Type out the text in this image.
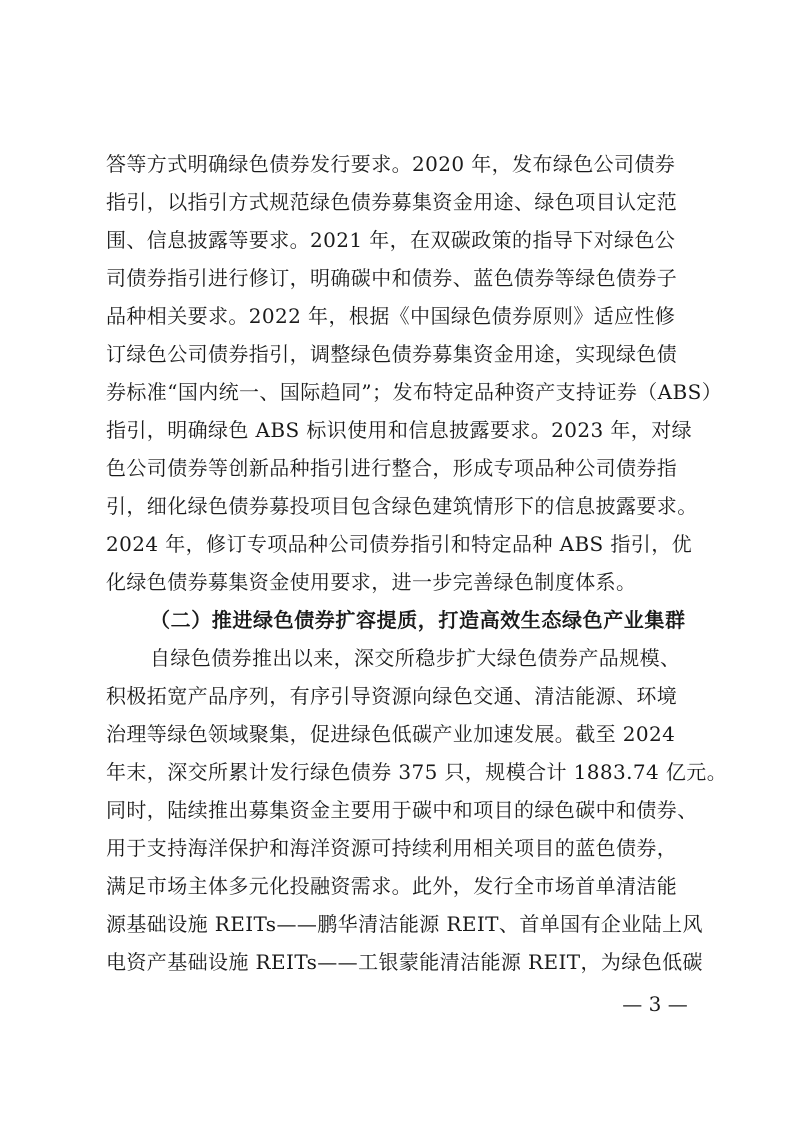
答等方式明确绿色债券发行要求。2020 年，发布绿色公司债券
指引，以指引方式规范绿色债券募集资金用途、绿色项目认定范
围、信息披露等要求。2021 年，在双碳政策的指导下对绿色公
司债券指引进行修订，明确碳中和债券、蓝色债券等绿色债券子
品种相关要求。2022 年，根据《中国绿色债券原则》适应性修
订绿色公司债券指引，调整绿色债券募集资金用途，实现绿色债
券标准“国内统一、国际趋同”；发布特定品种资产支持证券（ABS）
指引，明确绿色 ABS 标识使用和信息披露要求。2023 年，对绿
色公司债券等创新品种指引进行整合，形成专项品种公司债券指
引，细化绿色债券募投项目包含绿色建筑情形下的信息披露要求。
2024 年，修订专项品种公司债券指引和特定品种 ABS 指引，优
化绿色债券募集资金使用要求，进一步完善绿色制度体系。
（二）推进绿色债券扩容提质，打造高效生态绿色产业集群
自绿色债券推出以来，深交所稳步扩大绿色债券产品规模、
积极拓宽产品序列，有序引导资源向绿色交通、清洁能源、环境
治理等绿色领域聚集，促进绿色低碳产业加速发展。截至 2024
年末，深交所累计发行绿色债券 375 只，规模合计 1883.74 亿元。
同时，陆续推出募集资金主要用于碳中和项目的绿色碳中和债券、
用于支持海洋保护和海洋资源可持续利用相关项目的蓝色债券，
满足市场主体多元化投融资需求。此外，发行全市场首单清洁能
源基础设施 REITs——鹏华清洁能源 REIT、首单国有企业陆上风
电资产基础设施 REITs——工银蒙能清洁能源 REIT，为绿色低碳
— 3 —
